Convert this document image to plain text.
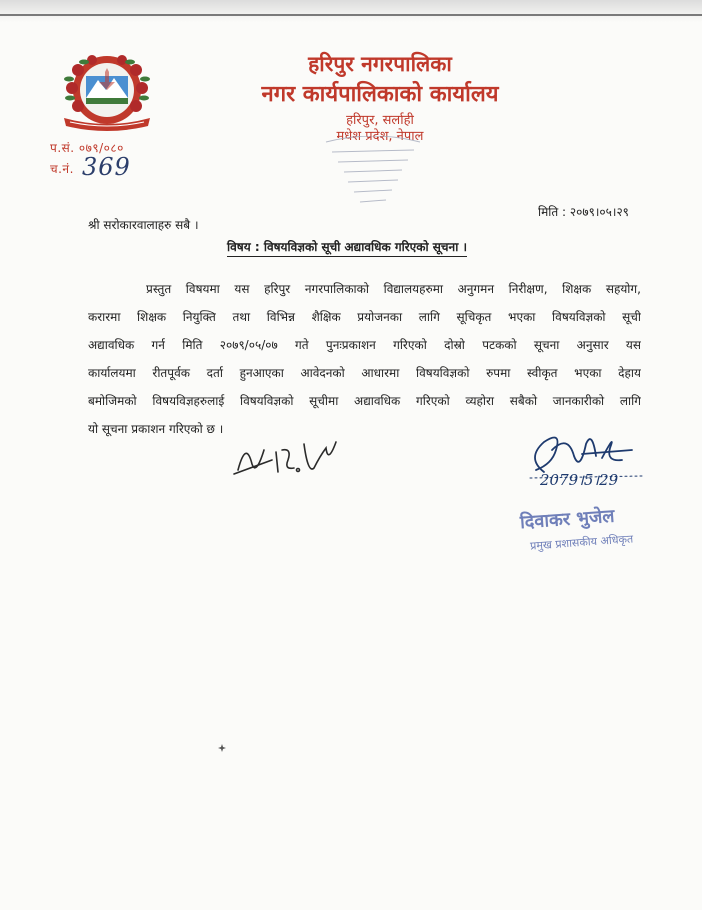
प.सं. ०७९/०८०
च.नं. 369
हरिपुर नगरपालिका
नगर कार्यपालिकाको कार्यालय
हरिपुर, सर्लाही
मधेश प्रदेश, नेपाल
मिति : २०७९।०५।२९
श्री सरोकारवालाहरु सबै ।
विषय : विषयविज्ञको सूची अद्यावधिक गरिएको सूचना ।
प्रस्तुत विषयमा यस हरिपुर नगरपालिकाको विद्यालयहरुमा अनुगमन निरीक्षण, शिक्षक सहयोग,
करारमा शिक्षक नियुक्ति तथा विभिन्न शैक्षिक प्रयोजनका लागि सूचिकृत भएका विषयविज्ञको सूची
अद्यावधिक गर्न मिति २०७९/०५/०७ गते पुनःप्रकाशन गरिएको दोस्रो पटकको सूचना अनुसार यस
कार्यालयमा रीतपूर्वक दर्ता हुनआएका आवेदनको आधारमा विषयविज्ञको रुपमा स्वीकृत भएका देहाय
बमोजिमको विषयविज्ञहरुलाई विषयविज्ञको सूचीमा अद्यावधिक गरिएको व्यहोरा सबैको जानकारीको लागि
यो सूचना प्रकाशन गरिएको छ ।
2079।5।29
दिवाकर भुजेल
प्रमुख प्रशासकीय अधिकृत
